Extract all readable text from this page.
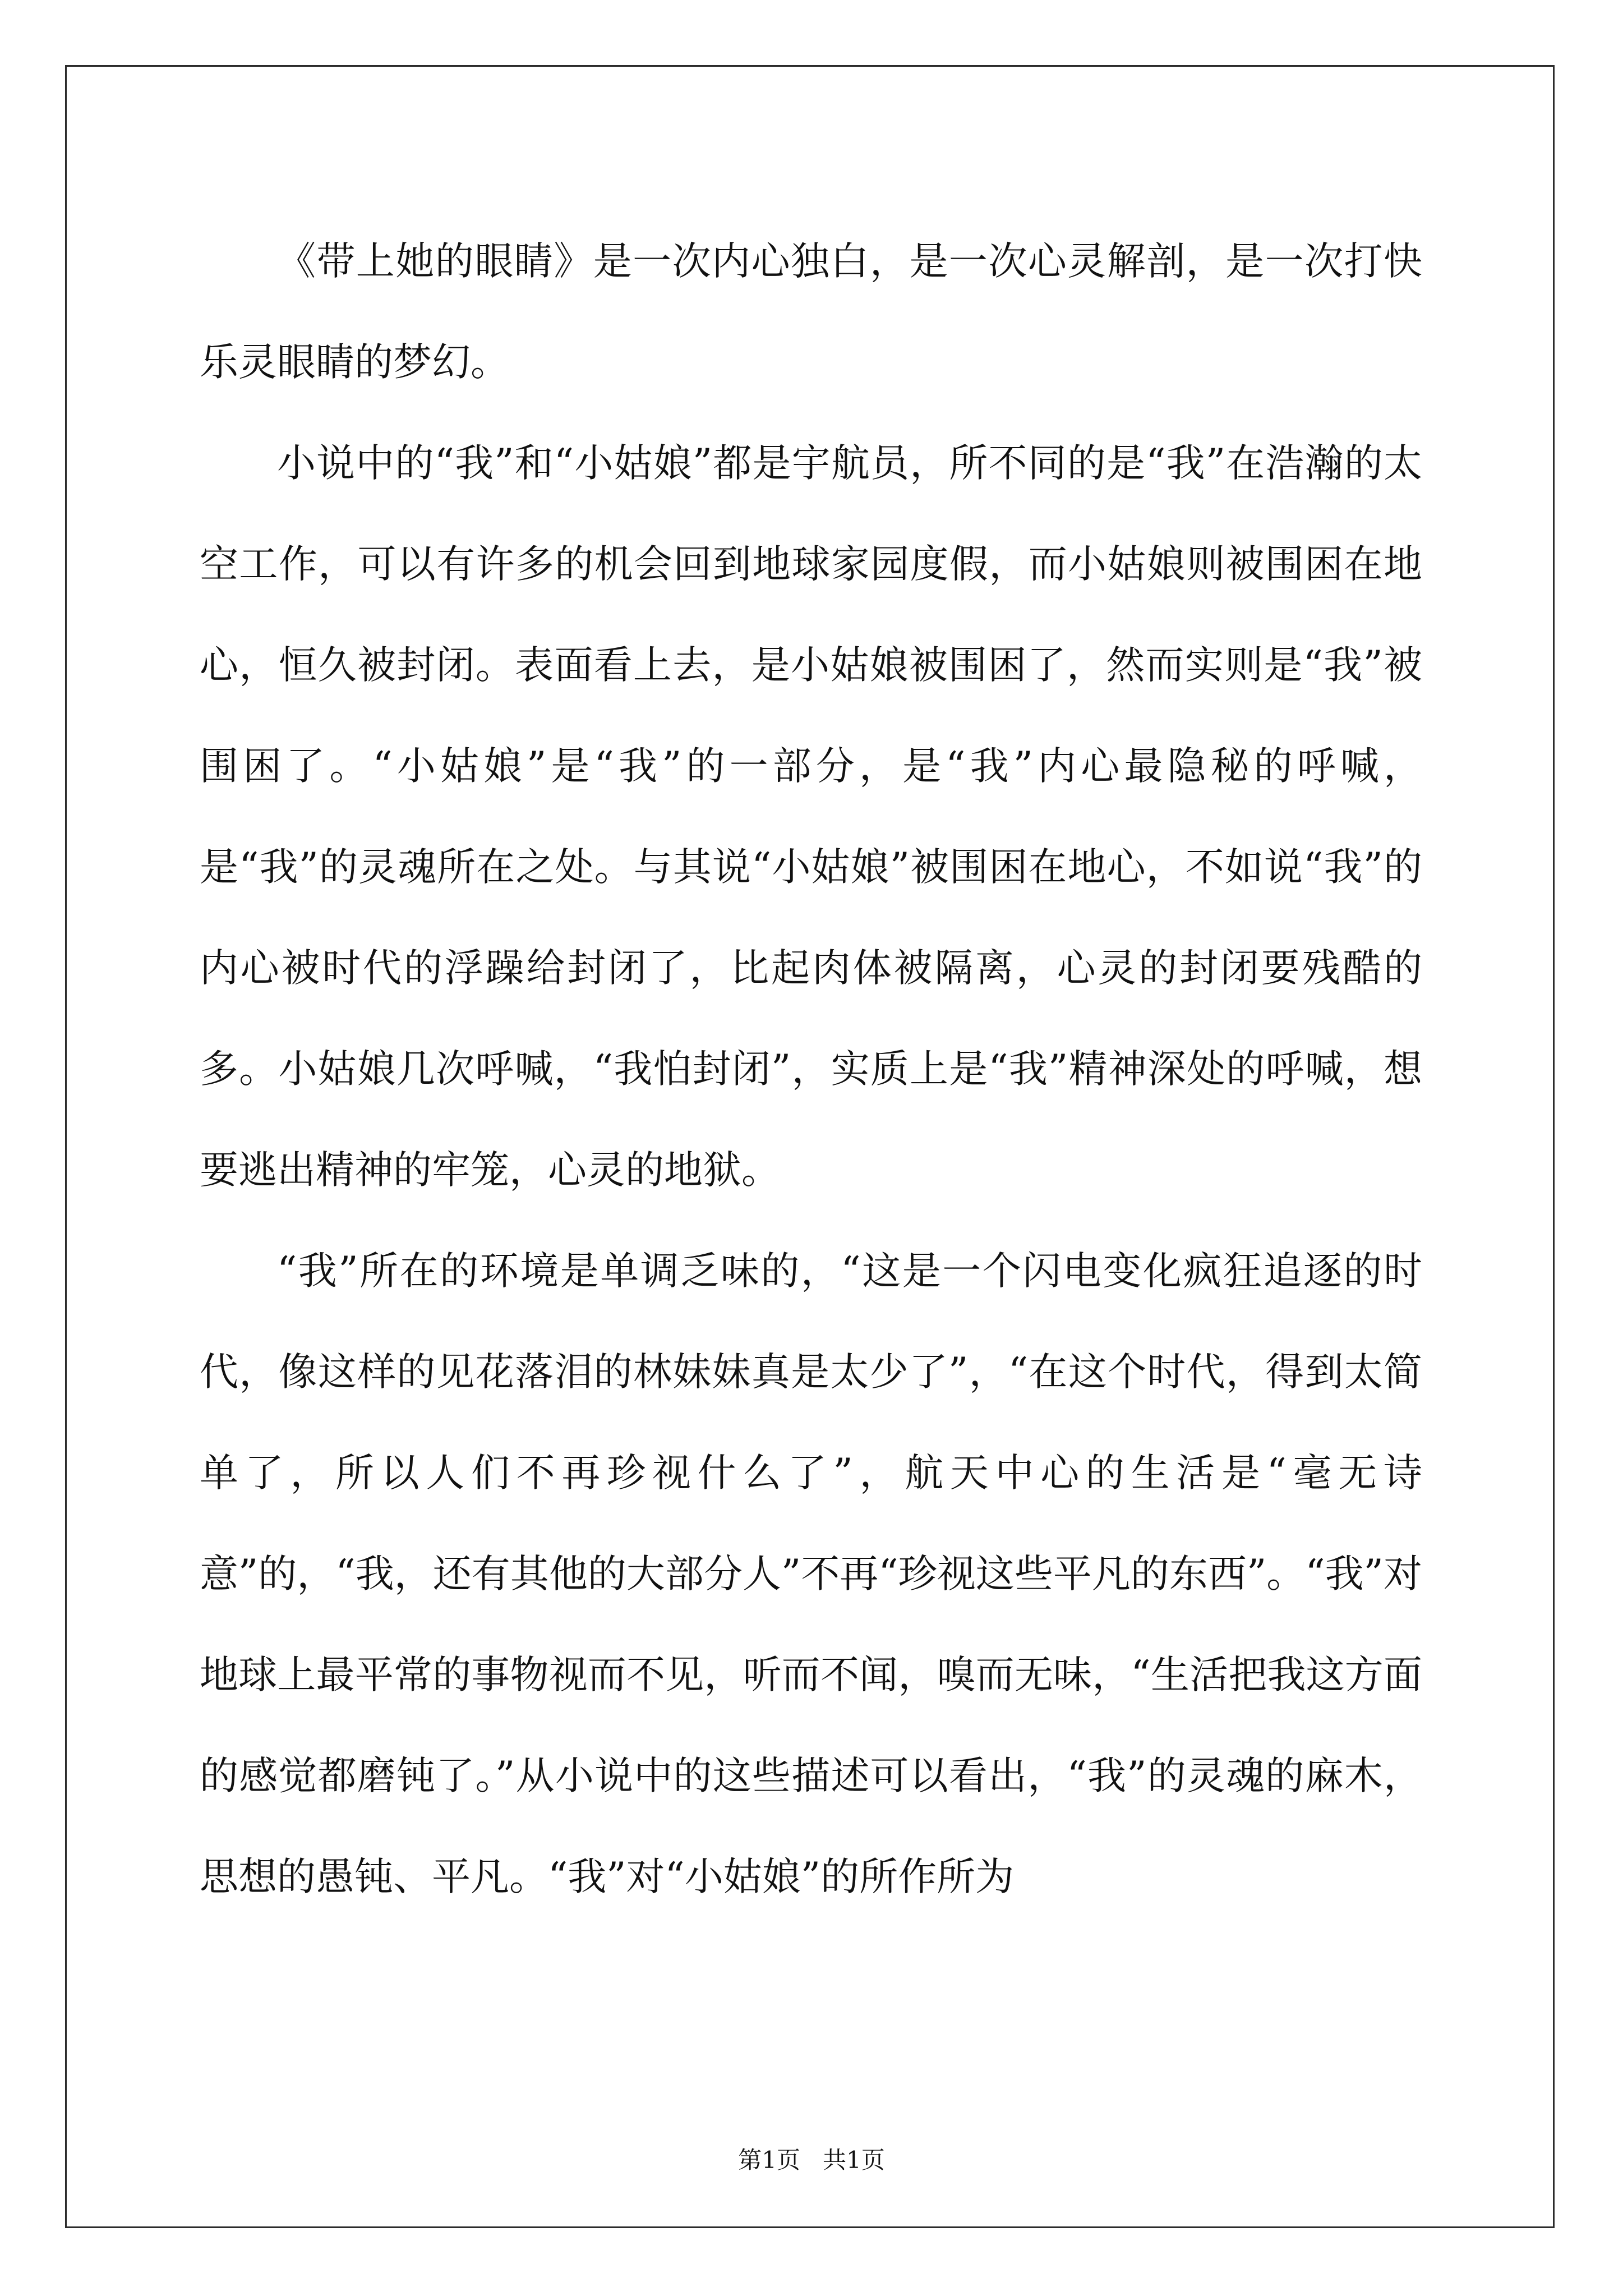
《带上她的眼睛》是一次内心独白，是一次心灵解剖，是一次打快乐灵眼睛的梦幻。

小说中的“我”和“小姑娘”都是宇航员，所不同的是“我”在浩瀚的太空工作，可以有许多的机会回到地球家园度假，而小姑娘则被围困在地心，恒久被封闭。表面看上去，是小姑娘被围困了，然而实则是“我”被围困了。“小姑娘”是“我”的一部分，是“我”内心最隐秘的呼喊，是“我”的灵魂所在之处。与其说“小姑娘”被围困在地心，不如说“我”的内心被时代的浮躁给封闭了，比起肉体被隔离，心灵的封闭要残酷的多。小姑娘几次呼喊，“我怕封闭”，实质上是“我”精神深处的呼喊，想要逃出精神的牢笼，心灵的地狱。

“我”所在的环境是单调乏味的，“这是一个闪电变化疯狂追逐的时代，像这样的见花落泪的林妹妹真是太少了”，“在这个时代，得到太简单了，所以人们不再珍视什么了”，航天中心的生活是“毫无诗意”的，“我，还有其他的大部分人”不再“珍视这些平凡的东西”。“我”对地球上最平常的事物视而不见，听而不闻，嗅而无味，“生活把我这方面的感觉都磨钝了。”从小说中的这些描述可以看出，“我”的灵魂的麻木，思想的愚钝、平凡。“我”对“小姑娘”的所作所为

第1页   共1页
